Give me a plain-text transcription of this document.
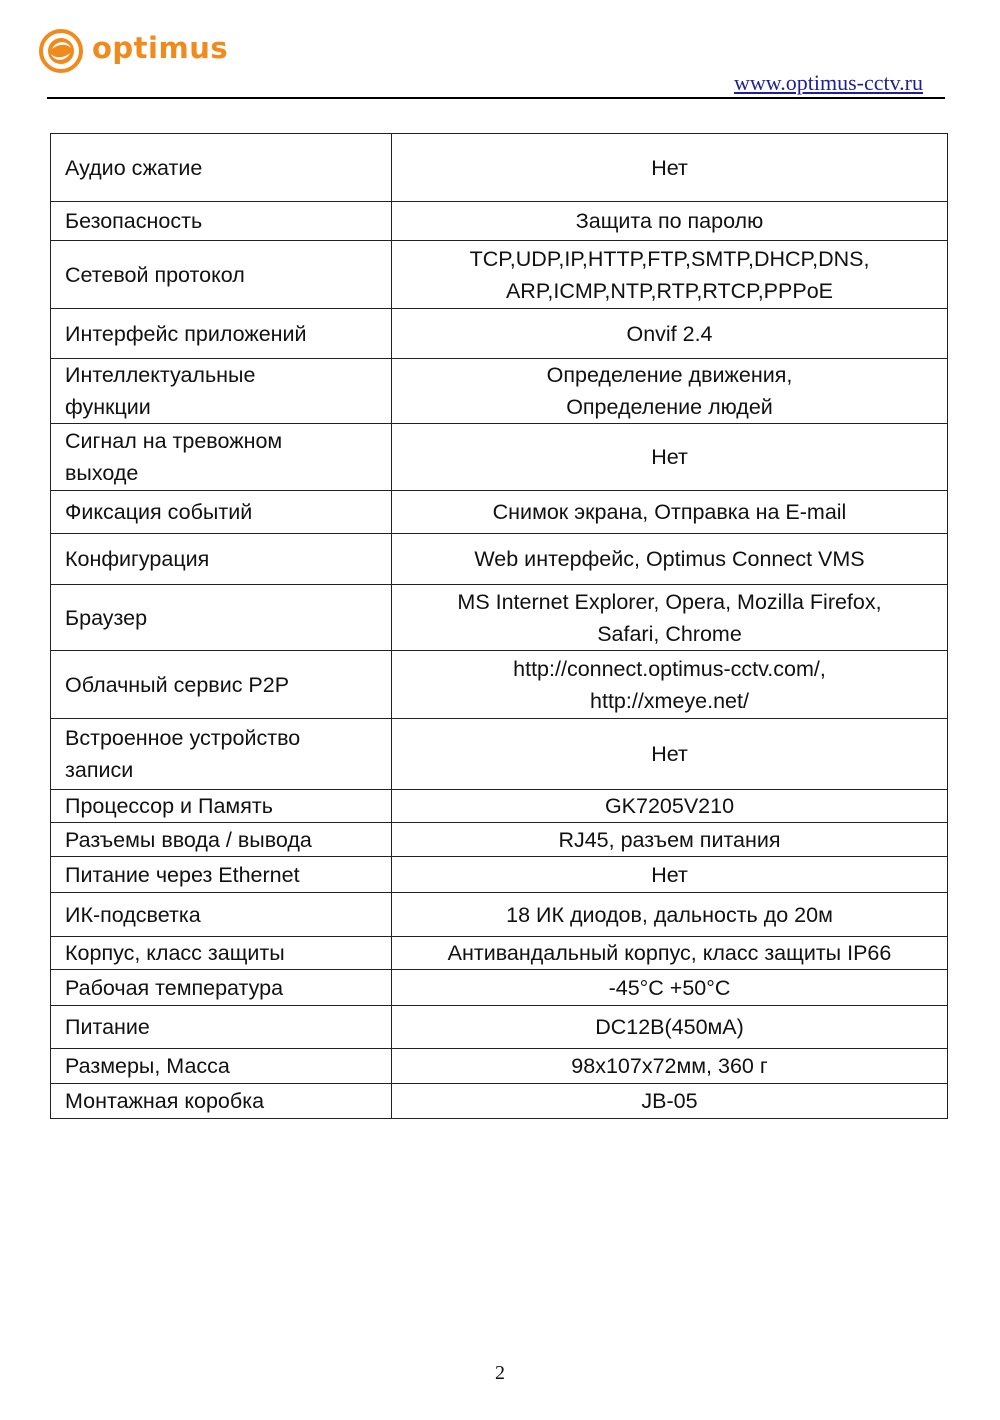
optimus
www.optimus-cctv.ru
Аудио сжатие	Нет
Безопасность	Защита по паролю
Сетевой протокол	TCP,UDP,IP,HTTP,FTP,SMTP,DHCP,DNS,
ARP,ICMP,NTP,RTP,RTCP,PPPoE
Интерфейс приложений	Onvif 2.4
Интеллектуальные
функции	Определение движения,
Определение людей
Сигнал на тревожном
выходе	Нет
Фиксация событий	Снимок экрана, Отправка на E-mail
Конфигурация	Web интерфейс, Optimus Connect VMS
Браузер	MS Internet Explorer, Opera, Mozilla Firefox,
Safari, Chrome
Облачный сервис P2P	http://connect.optimus-cctv.com/,
http://xmeye.net/
Встроенное устройство
записи	Нет
Процессор и Память	GK7205V210
Разъемы ввода / вывода	RJ45, разъем питания
Питание через Ethernet	Нет
ИК-подсветка	18 ИК диодов, дальность до 20м
Корпус, класс защиты	Антивандальный корпус, класс защиты IP66
Рабочая температура	-45°C +50°C
Питание	DC12В(450мА)
Размеры, Масса	98x107x72мм, 360 г
Монтажная коробка	JB-05
2
